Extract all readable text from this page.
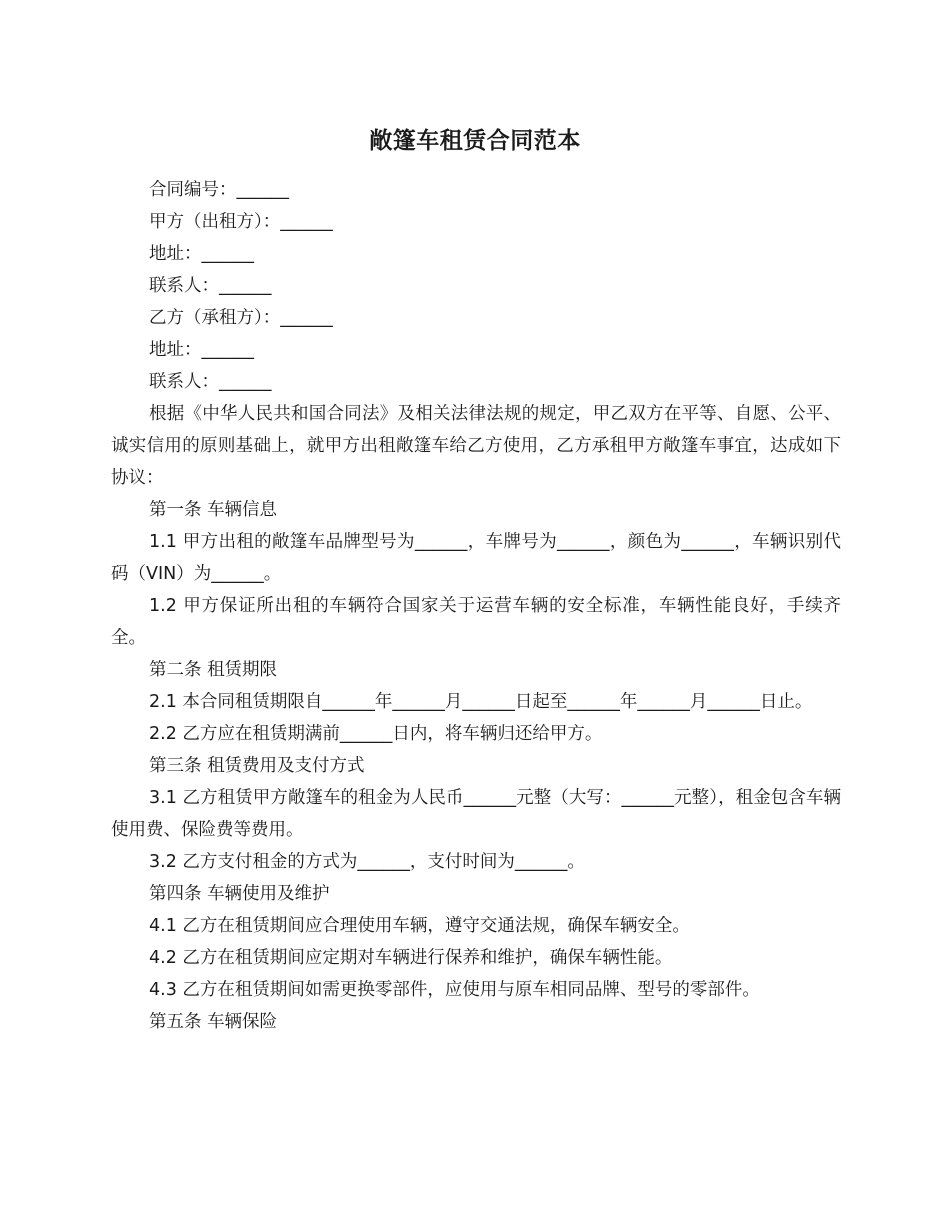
敞篷车租赁合同范本

合同编号：______

甲方（出租方）：______

地址：______

联系人：______

乙方（承租方）：______

地址：______

联系人：______

根据《中华人民共和国合同法》及相关法律法规的规定，甲乙双方在平等、自愿、公平、诚实信用的原则基础上，就甲方出租敞篷车给乙方使用，乙方承租甲方敞篷车事宜，达成如下协议：

第一条 车辆信息

1.1 甲方出租的敞篷车品牌型号为______，车牌号为______，颜色为______，车辆识别代码（VIN）为______。

1.2 甲方保证所出租的车辆符合国家关于运营车辆的安全标准，车辆性能良好，手续齐全。

第二条 租赁期限

2.1 本合同租赁期限自______年______月______日起至______年______月______日止。

2.2 乙方应在租赁期满前______日内，将车辆归还给甲方。

第三条 租赁费用及支付方式

3.1 乙方租赁甲方敞篷车的租金为人民币______元整（大写：______元整），租金包含车辆使用费、保险费等费用。

3.2 乙方支付租金的方式为______，支付时间为______。

第四条 车辆使用及维护

4.1 乙方在租赁期间应合理使用车辆，遵守交通法规，确保车辆安全。

4.2 乙方在租赁期间应定期对车辆进行保养和维护，确保车辆性能。

4.3 乙方在租赁期间如需更换零部件，应使用与原车相同品牌、型号的零部件。

第五条 车辆保险
